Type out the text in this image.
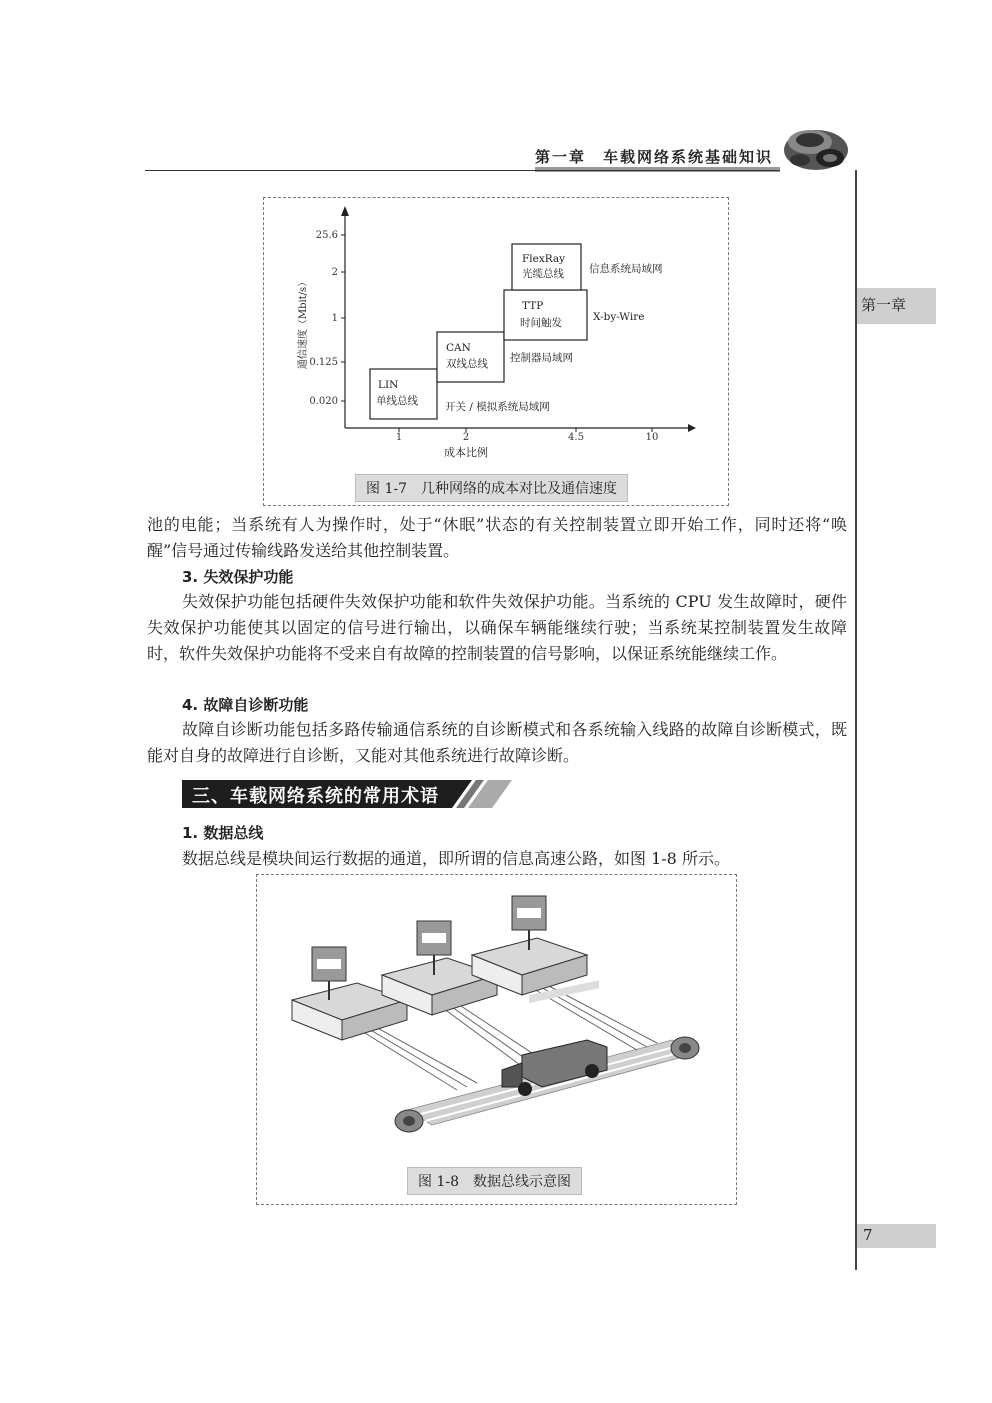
第一章　车载网络系统基础知识
第一章
7
25.6
2
1
0.125
0.020
1	2	4.5	10
成本比例
通信速度（Mbit/s）
LIN
单线总线
CAN
双线总线
TTP
时间触发
FlexRay
光缆总线
开关 / 模拟系统局域网
控制器局域网
X-by-Wire
信息系统局域网
图 1-7　几种网络的成本对比及通信速度

池的电能；当系统有人为操作时，处于“休眠”状态的有关控制装置立即开始工作，同时还将“唤醒”信号通过传输线路发送给其他控制装置。

3. 失效保护功能

失效保护功能包括硬件失效保护功能和软件失效保护功能。当系统的 CPU 发生故障时，硬件失效保护功能使其以固定的信号进行输出，以确保车辆能继续行驶；当系统某控制装置发生故障时，软件失效保护功能将不受来自有故障的控制装置的信号影响，以保证系统能继续工作。

4. 故障自诊断功能

故障自诊断功能包括多路传输通信系统的自诊断模式和各系统输入线路的故障自诊断模式，既能对自身的故障进行自诊断，又能对其他系统进行故障诊断。

三、车载网络系统的常用术语
1. 数据总线

数据总线是模块间运行数据的通道，即所谓的信息高速公路，如图 1-8 所示。

图 1-8　数据总线示意图
